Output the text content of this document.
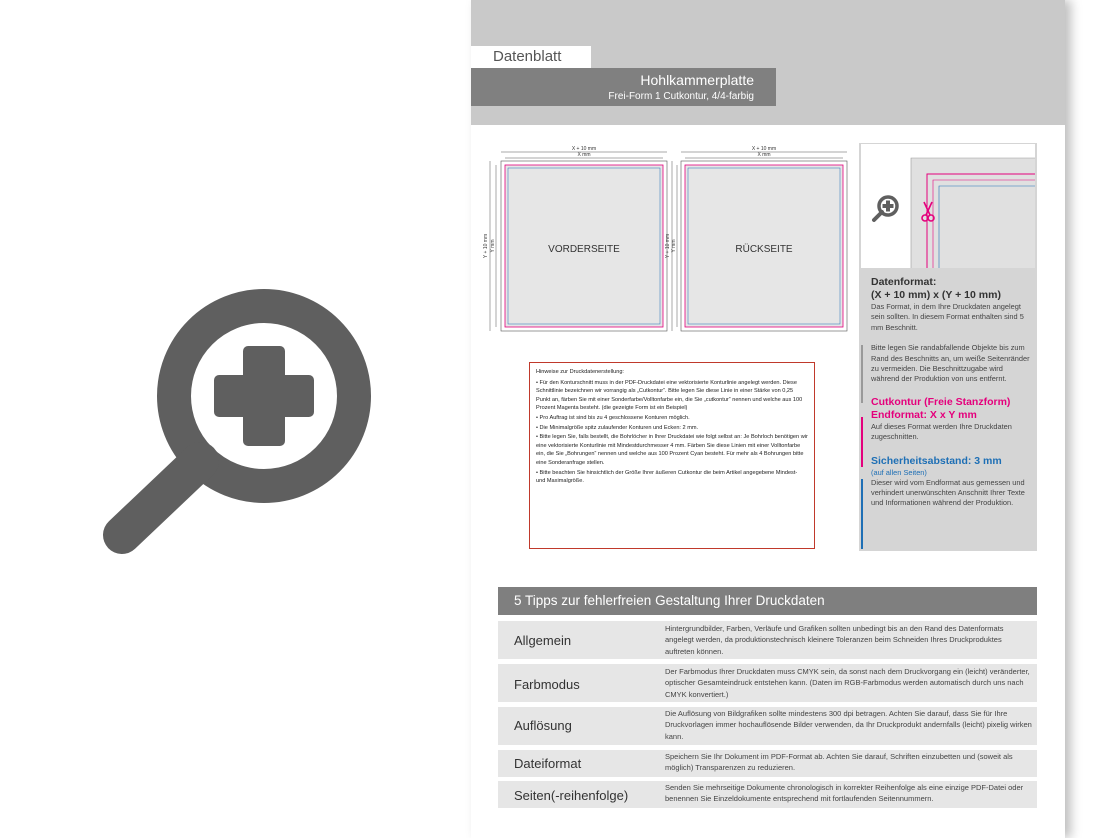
Datenblatt
Hohlkammerplatte
Frei-Form 1 Cutkontur, 4/4-farbig
VORDERSEITE
X + 10 mm
X mm
Y + 10 mm Y mm	RÜCKSEITE
X + 10 mm
X mm
Y + 10 mm Y mm
Hinweise zur Druckdatenerstellung:
• Für den Konturschnitt muss in der PDF-Druckdatei eine vektorisierte Konturlinie angelegt werden. Diese Schnittlinie bezeichnen wir vorrangig als „Cutkontur“. Bitte legen Sie diese Linie in einer Stärke von 0,25 Punkt an, färben Sie mit einer Sonderfarbe/Volltonfarbe ein, die Sie „cutkontur“ nennen und welche aus 100 Prozent Magenta besteht. (die gezeigte Form ist ein Beispiel)
• Pro Auftrag ist sind bis zu 4 geschlossene Konturen möglich.
• Die Minimalgröße spitz zulaufender Konturen und Ecken: 2 mm.
• Bitte legen Sie, falls bestellt, die Bohrlöcher in Ihrer Druckdatei wie folgt selbst an: Je Bohrloch benötigen wir eine vektorisierte Konturlinie mit Mindestdurchmesser 4 mm. Färben Sie diese Linien mit einer Volltonfarbe ein, die Sie „Bohrungen“ nennen und welche aus 100 Prozent Cyan besteht. Für mehr als 4 Bohrungen bitte eine Sonderanfrage stellen.
• Bitte beachten Sie hinsichtlich der Größe Ihrer äußeren Cutkontur die beim Artikel angegebene Mindest- und Maximalgröße.
Datenformat:
(X + 10 mm) x (Y + 10 mm)
Das Format, in dem Ihre Druckdaten angelegt sein sollten. In diesem Format enthalten sind 5 mm Beschnitt.
Bitte legen Sie randabfallende Objekte bis zum Rand des Beschnitts an, um weiße Seitenränder zu vermeiden. Die Beschnittzugabe wird während der Produktion von uns entfernt.
Cutkontur (Freie Stanzform)
Endformat: X x Y mm
Auf dieses Format werden Ihre Druckdaten zugeschnitten.
Sicherheitsabstand: 3 mm
(auf allen Seiten)
Dieser wird vom Endformat aus gemessen und verhindert unerwünschten Anschnitt Ihrer Texte und Informationen während der Produktion.
5 Tipps zur fehlerfreien Gestaltung Ihrer Druckdaten
Allgemein
Hintergrundbilder, Farben, Verläufe und Grafiken sollten unbedingt bis an den Rand des Datenformats angelegt werden, da produktionstechnisch kleinere Toleranzen beim Schneiden Ihres Druckproduktes auftreten können.
Farbmodus
Der Farbmodus Ihrer Druckdaten muss CMYK sein, da sonst nach dem Druckvorgang ein (leicht) veränderter, optischer Gesamteindruck entstehen kann. (Daten im RGB-Farbmodus werden automatisch durch uns nach CMYK konvertiert.)
Auflösung
Die Auflösung von Bildgrafiken sollte mindestens 300 dpi betragen. Achten Sie darauf, dass Sie für Ihre Druckvorlagen immer hochauflösende Bilder verwenden, da Ihr Druckprodukt andernfalls (leicht) pixelig wirken kann.
Dateiformat	Speichern Sie Ihr Dokument im PDF-Format ab. Achten Sie darauf, Schriften einzubetten und (soweit als möglich) Transparenzen zu reduzieren.
Seiten(-reihenfolge)
Senden Sie mehrseitige Dokumente chronologisch in korrekter Reihenfolge als eine einzige PDF-Datei oder benennen Sie Einzeldokumente entsprechend mit fortlaufenden Seitennummern.
